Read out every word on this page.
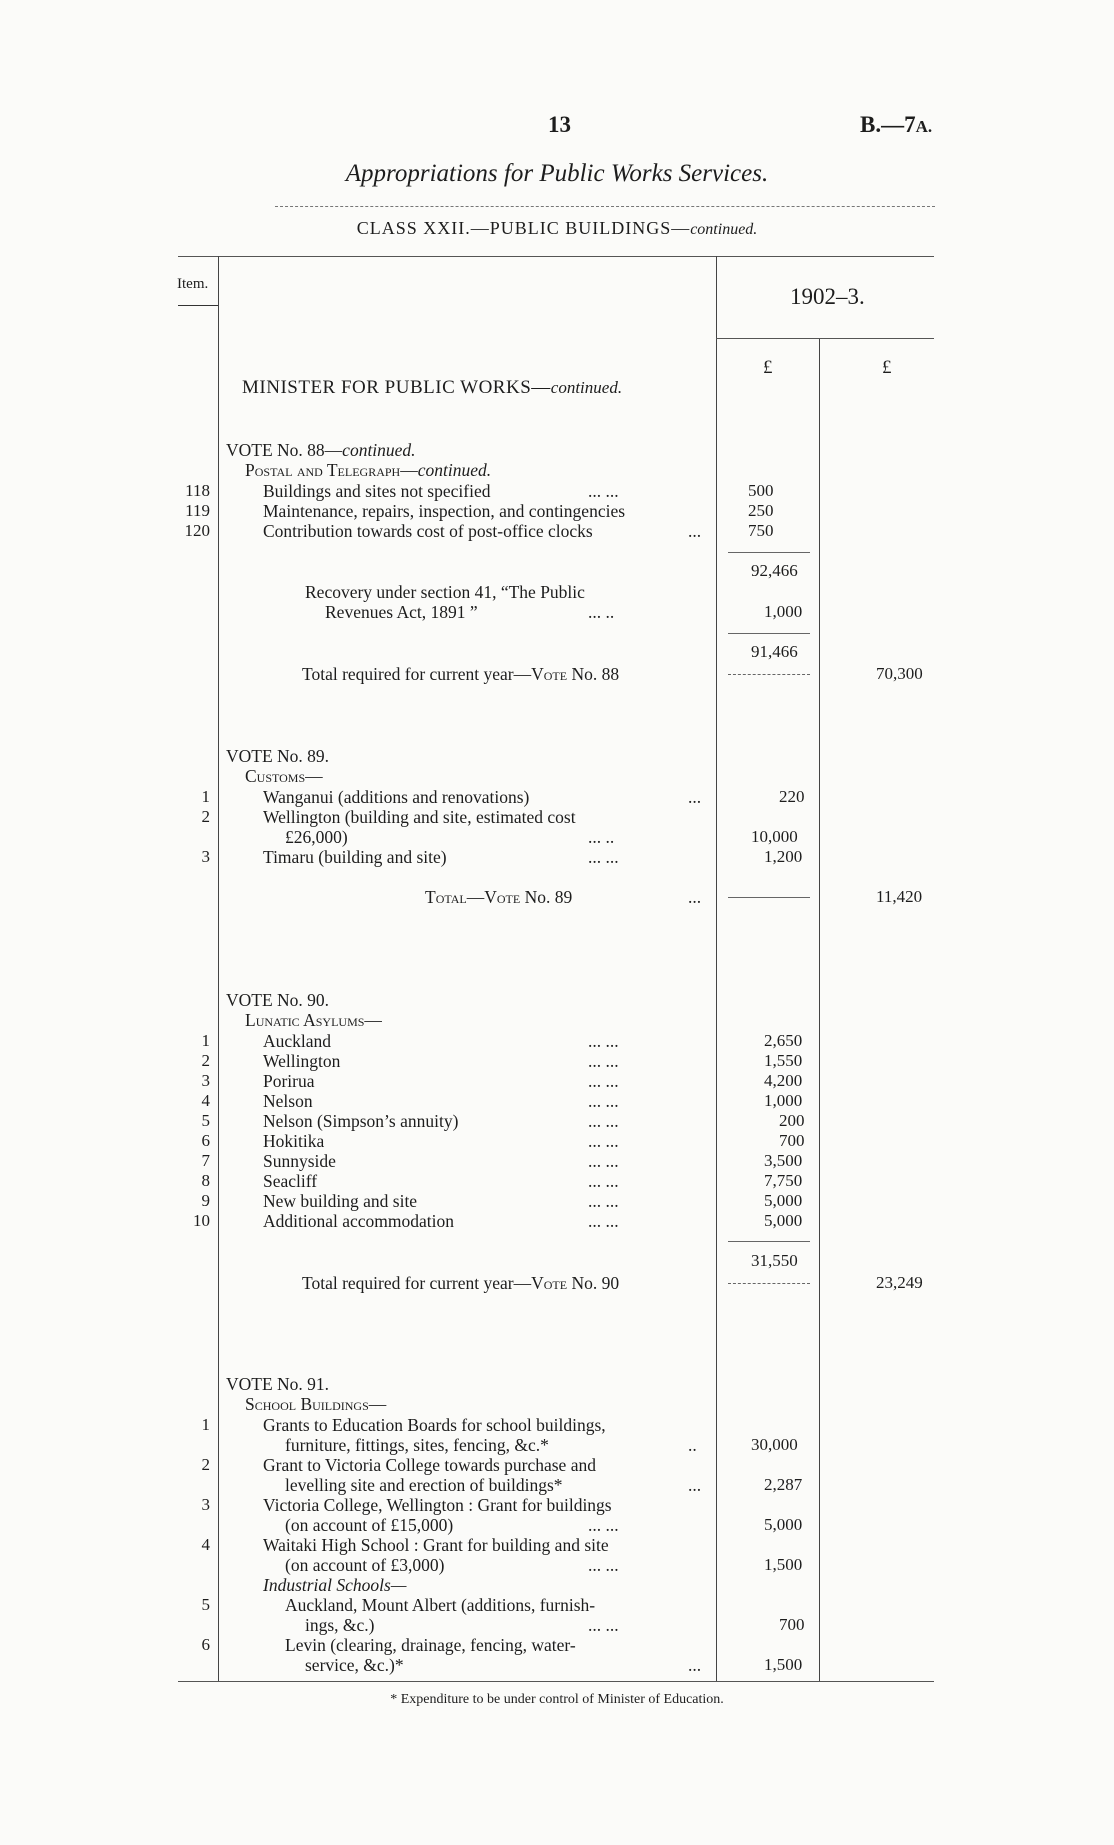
13	B.—7A.
Appropriations for Public Works Services.
CLASS XXII.—PUBLIC BUILDINGS—continued.
Item.	1902–3.
£	£
MINISTER FOR PUBLIC WORKS—continued.
VOTE No. 88—continued.
Postal and Telegraph—continued.
118	Buildings and sites not specified	... ...	500
119	Maintenance, repairs, inspection, and contingencies	250
120	Contribution towards cost of post-office clocks	...	750
92,466
Recovery under section 41, “The Public
Revenues Act, 1891 ”	... ..	1,000
91,466
Total required for current year—Vote No. 88	70,300
VOTE No. 89.
Customs—
1	Wanganui (additions and renovations)	...	220
2	Wellington (building and site, estimated cost
£26,000)	... ..	10,000
3	Timaru (building and site)	... ...	1,200
Total—Vote No. 89	...	11,420
VOTE No. 90.
Lunatic Asylums—
1	Auckland	... ...	2,650
2	Wellington	... ...	1,550
3	Porirua	... ...	4,200
4	Nelson	... ...	1,000
5	Nelson (Simpson’s annuity)	... ...	200
6	Hokitika	... ...	700
7	Sunnyside	... ...	3,500
8	Seacliff	... ...	7,750
9	New building and site	... ...	5,000
10	Additional accommodation	... ...	5,000
31,550
Total required for current year—Vote No. 90	23,249
VOTE No. 91.
School Buildings—
1	Grants to Education Boards for school buildings,
furniture, fittings, sites, fencing, &c.*	..	30,000
2	Grant to Victoria College towards purchase and
levelling site and erection of buildings*	...	2,287
3	Victoria College, Wellington : Grant for buildings
(on account of £15,000)	... ...	5,000
4	Waitaki High School : Grant for building and site
(on account of £3,000)	... ...	1,500
Industrial Schools—
5	Auckland, Mount Albert (additions, furnish-
ings, &c.)	... ...	700
6	Levin (clearing, drainage, fencing, water-
service, &c.)*	...	1,500
* Expenditure to be under control of Minister of Education.
